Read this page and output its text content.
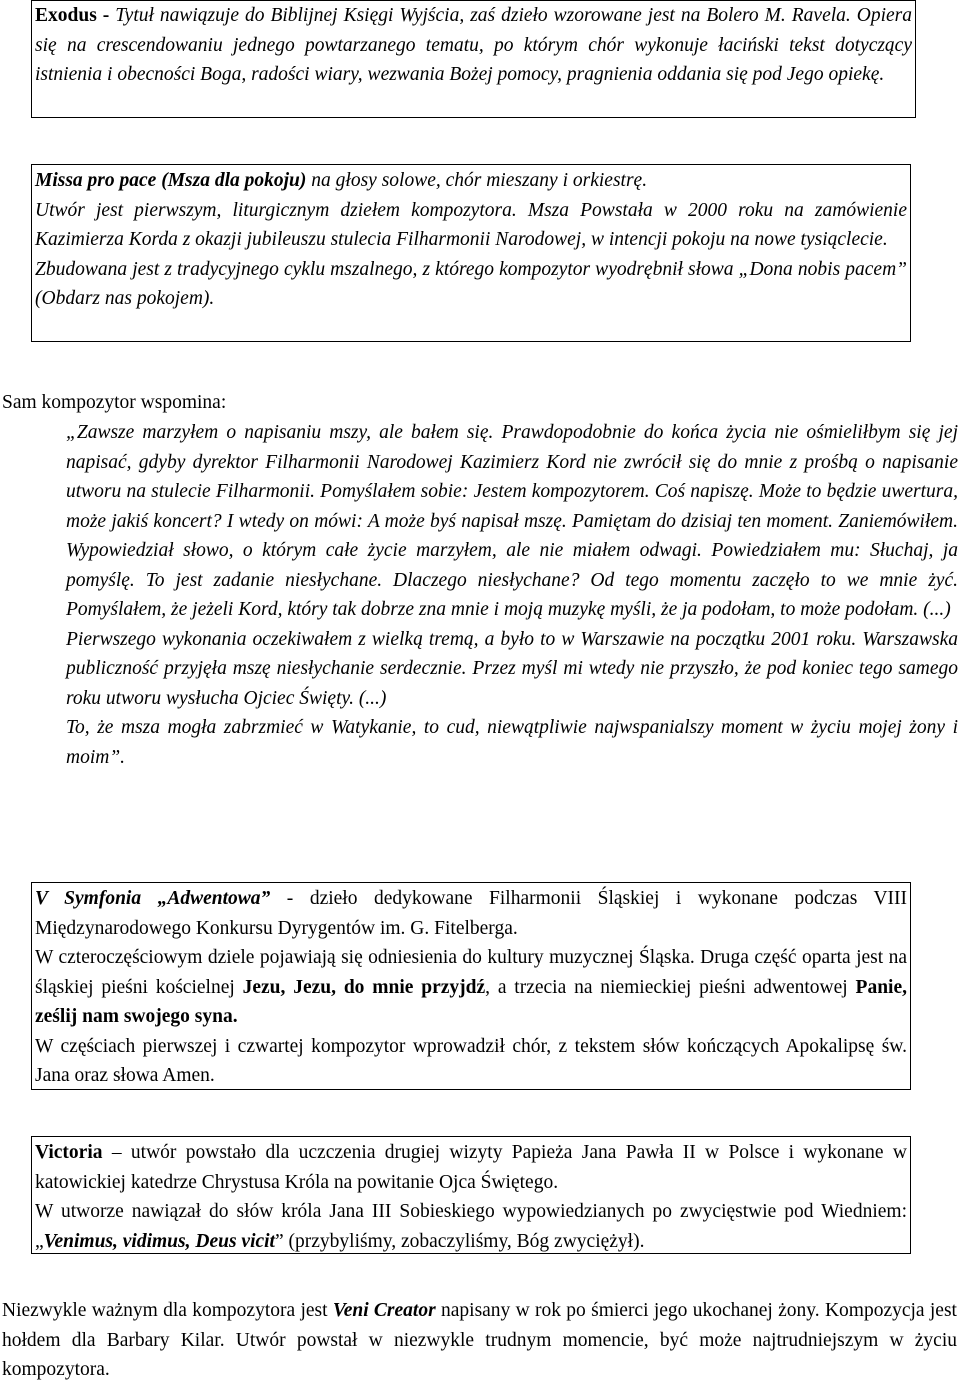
Exodus - Tytuł nawiązuje do Biblijnej Księgi Wyjścia, zaś dzieło wzorowane jest na Bolero M. Ravela. Opiera się na crescendowaniu jednego powtarzanego tematu, po którym chór wykonuje łaciński tekst dotyczący istnienia i obecności Boga, radości wiary, wezwania Bożej pomocy, pragnienia oddania się pod Jego opiekę.

Missa pro pace (Msza dla pokoju) na głosy solowe, chór mieszany i orkiestrę.

Utwór jest pierwszym, liturgicznym dziełem kompozytora. Msza Powstała w 2000 roku na zamówienie Kazimierza Korda z okazji jubileuszu stulecia Filharmonii Narodowej, w intencji pokoju na nowe tysiąclecie.

Zbudowana jest z tradycyjnego cyklu mszalnego, z którego kompozytor wyodrębnił słowa „Dona nobis pacem” (Obdarz nas pokojem).

Sam kompozytor wspomina:

„Zawsze marzyłem o napisaniu mszy, ale bałem się. Prawdopodobnie do końca życia nie ośmieliłbym się jej napisać, gdyby dyrektor Filharmonii Narodowej Kazimierz Kord nie zwrócił się do mnie z prośbą o napisanie utworu na stulecie Filharmonii. Pomyślałem sobie: Jestem kompozytorem. Coś napiszę. Może to będzie uwertura, może jakiś koncert? I wtedy on mówi: A może byś napisał mszę. Pamiętam do dzisiaj ten moment. Zaniemówiłem. Wypowiedział słowo, o którym całe życie marzyłem, ale nie miałem odwagi. Powiedziałem mu: Słuchaj, ja pomyślę. To jest zadanie niesłychane. Dlaczego niesłychane? Od tego momentu zaczęło to we mnie żyć. Pomyślałem, że jeżeli Kord, który tak dobrze zna mnie i moją muzykę myśli, że ja podołam, to może podołam. (...)

Pierwszego wykonania oczekiwałem z wielką tremą, a było to w Warszawie na początku 2001 roku. Warszawska publiczność przyjęła mszę niesłychanie serdecznie. Przez myśl mi wtedy nie przyszło, że pod koniec tego samego roku utworu wysłucha Ojciec Święty. (...)

To, że msza mogła zabrzmieć w Watykanie, to cud, niewątpliwie najwspanialszy moment w życiu mojej żony i moim”.

V Symfonia „Adwentowa” - dzieło dedykowane Filharmonii Śląskiej i wykonane podczas VIII Międzynarodowego Konkursu Dyrygentów im. G. Fitelberga.

W czteroczęściowym dziele pojawiają się odniesienia do kultury muzycznej Śląska. Druga część oparta jest na śląskiej pieśni kościelnej Jezu, Jezu, do mnie przyjdź, a trzecia na niemieckiej pieśni adwentowej Panie, ześlij nam swojego syna.

W częściach pierwszej i czwartej kompozytor wprowadził chór, z tekstem słów kończących Apokalipsę św. Jana oraz słowa Amen.

Victoria – utwór powstało dla uczczenia drugiej wizyty Papieża Jana Pawła II w Polsce i wykonane w katowickiej katedrze Chrystusa Króla na powitanie Ojca Świętego.

W utworze nawiązał do słów króla Jana III Sobieskiego wypowiedzianych po zwycięstwie pod Wiedniem: „Venimus, vidimus, Deus vicit” (przybyliśmy, zobaczyliśmy, Bóg zwyciężył).

Niezwykle ważnym dla kompozytora jest Veni Creator napisany w rok po śmierci jego ukochanej żony. Kompozycja jest hołdem dla Barbary Kilar. Utwór powstał w niezwykle trudnym momencie, być może najtrudniejszym w życiu kompozytora.
